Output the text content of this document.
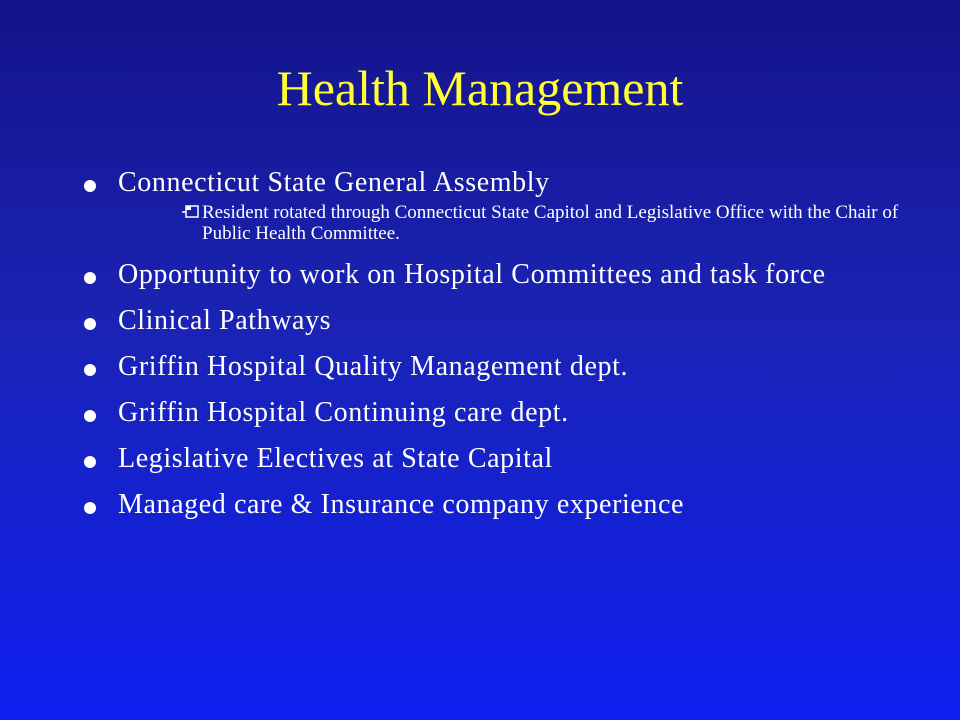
Health Management
Connecticut State General Assembly
Resident rotated through Connecticut State Capitol and Legislative Office with the Chair of Public Health Committee.
Opportunity to work on Hospital Committees and task force
Clinical Pathways
Griffin Hospital Quality Management dept.
Griffin Hospital Continuing care dept.
Legislative Electives at State Capital
Managed care & Insurance company experience
